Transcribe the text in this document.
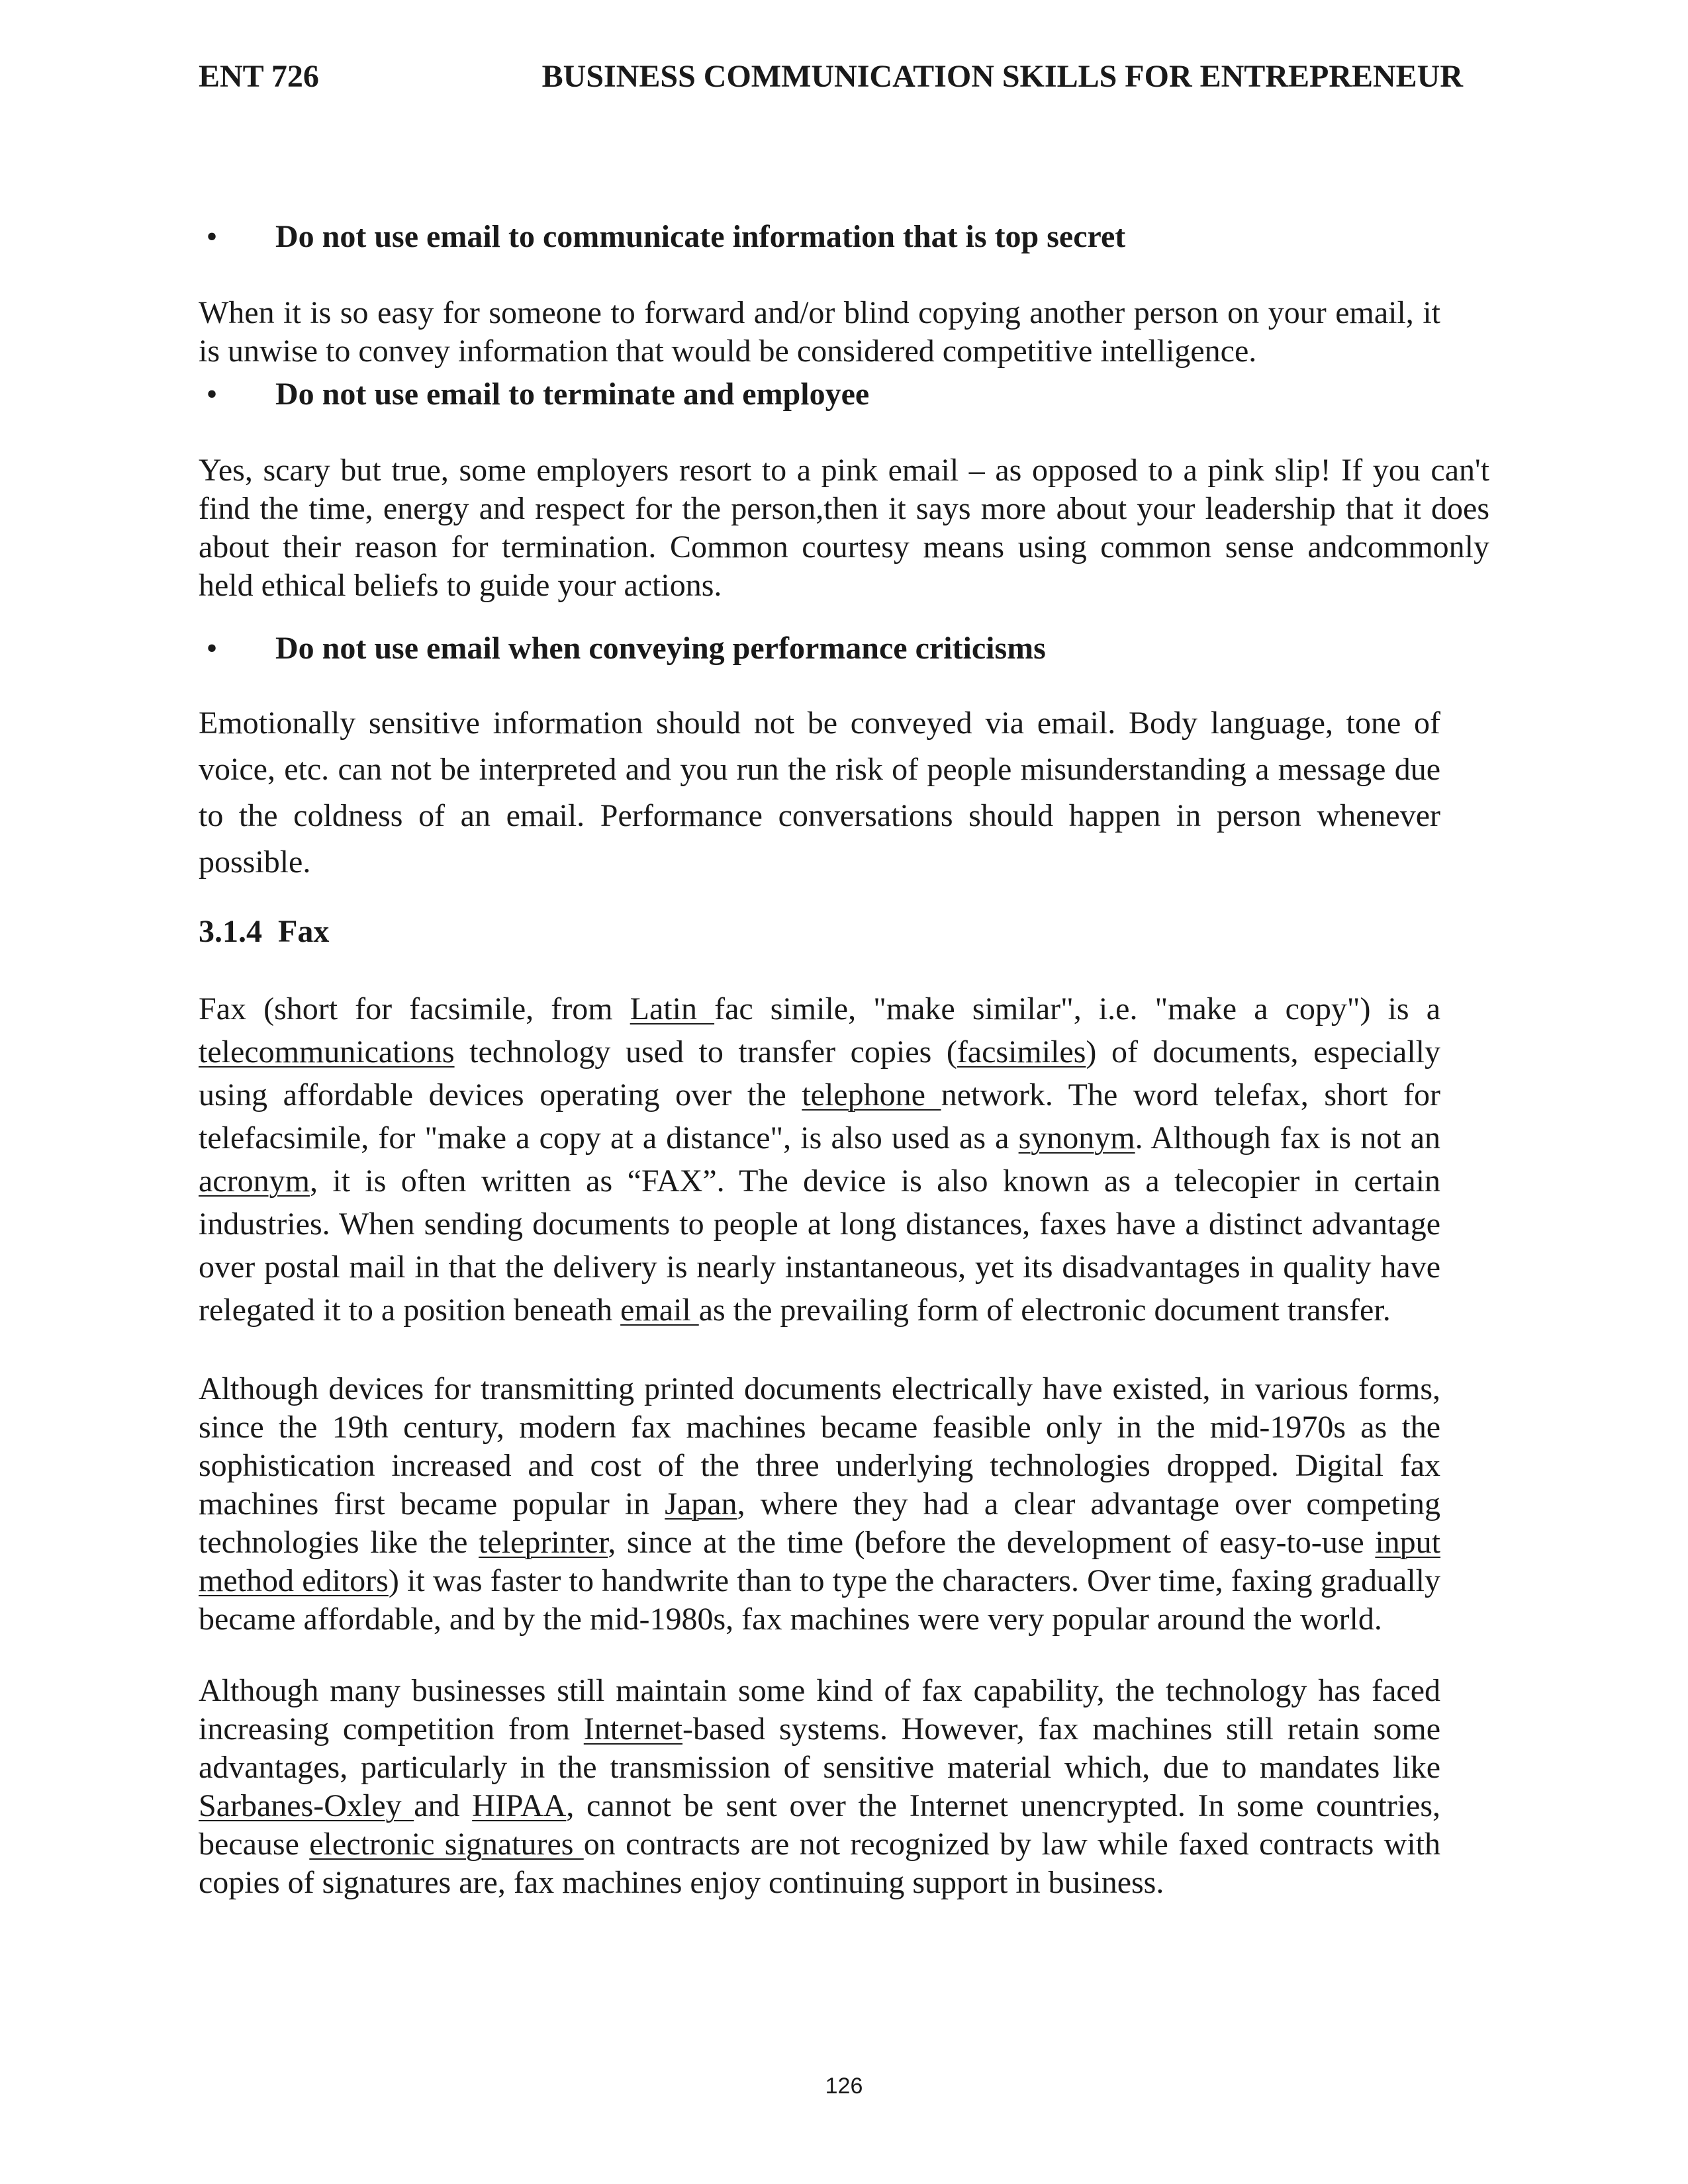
ENT 726	BUSINESS COMMUNICATION SKILLS FOR ENTREPRENEUR
• Do not use email to communicate information that is top secret

When it is so easy for someone to forward and/or blind copying another person on your email, it is unwise to convey information that would be considered competitive intelligence.

• Do not use email to terminate and employee

Yes, scary but true, some employers resort to a pink email – as opposed to a pink slip! If you can't find the time, energy and respect for the person,then it says more about your leadership that it does about their reason for termination. Common courtesy means using common sense andcommonly held ethical beliefs to guide your actions.

• Do not use email when conveying performance criticisms

Emotionally sensitive information should not be conveyed via email. Body language, tone of voice, etc. can not be interpreted and you run the risk of people misunderstanding a message due to the coldness of an email. Performance conversations should happen in person whenever possible.

3.1.4 Fax

Fax (short for facsimile, from Latin fac simile, "make similar", i.e. "make a copy") is a telecommunications technology used to transfer copies (facsimiles) of documents, especially using affordable devices operating over the telephone network. The word telefax, short for telefacsimile, for "make a copy at a distance", is also used as a synonym. Although fax is not an acronym, it is often written as “FAX”. The device is also known as a telecopier in certain industries. When sending documents to people at long distances, faxes have a distinct advantage over postal mail in that the delivery is nearly instantaneous, yet its disadvantages in quality have relegated it to a position beneath email as the prevailing form of electronic document transfer.

Although devices for transmitting printed documents electrically have existed, in various forms, since the 19th century, modern fax machines became feasible only in the mid-1970s as the sophistication increased and cost of the three underlying technologies dropped. Digital fax machines first became popular in Japan, where they had a clear advantage over competing technologies like the teleprinter, since at the time (before the development of easy-to-use input method editors) it was faster to handwrite than to type the characters. Over time, faxing gradually became affordable, and by the mid-1980s, fax machines were very popular around the world.

Although many businesses still maintain some kind of fax capability, the technology has faced increasing competition from Internet-based systems. However, fax machines still retain some advantages, particularly in the transmission of sensitive material which, due to mandates like Sarbanes-Oxley and HIPAA, cannot be sent over the Internet unencrypted. In some countries, because electronic signatures on contracts are not recognized by law while faxed contracts with copies of signatures are, fax machines enjoy continuing support in business.

126
